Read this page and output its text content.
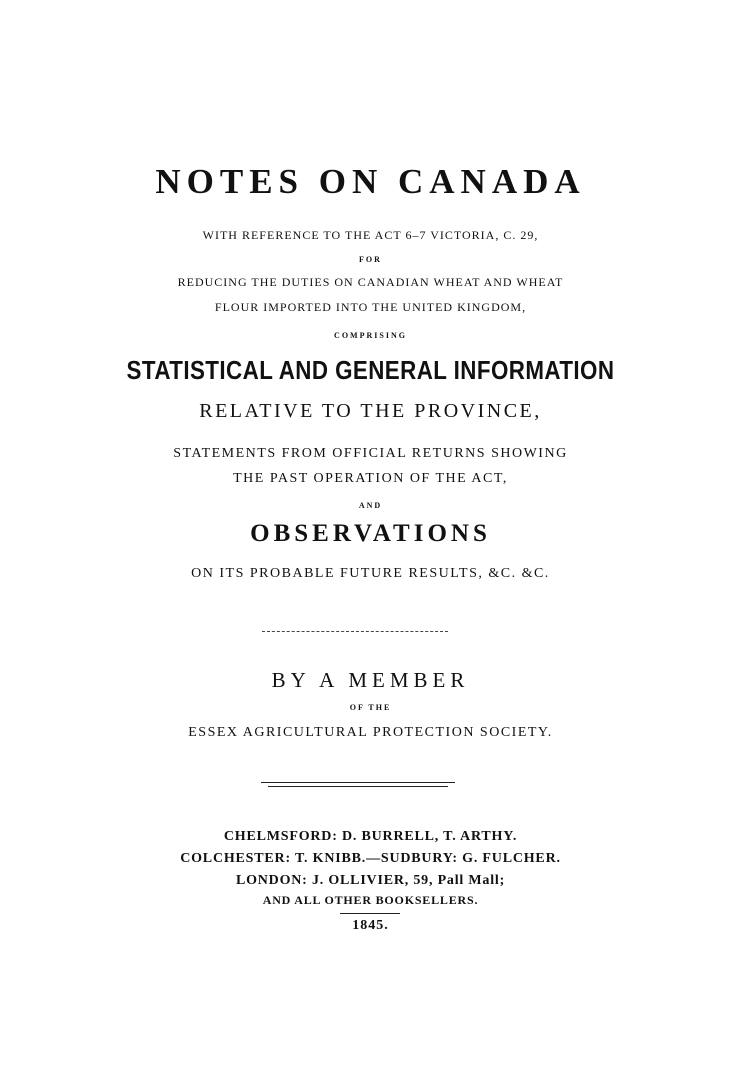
NOTES ON CANADA
WITH REFERENCE TO THE ACT 6–7 VICTORIA, C. 29,
FOR
REDUCING THE DUTIES ON CANADIAN WHEAT AND WHEAT
FLOUR IMPORTED INTO THE UNITED KINGDOM,
COMPRISING
STATISTICAL AND GENERAL INFORMATION
RELATIVE TO THE PROVINCE,
STATEMENTS FROM OFFICIAL RETURNS SHOWING
THE PAST OPERATION OF THE ACT,
AND
OBSERVATIONS
ON ITS PROBABLE FUTURE RESULTS, &C. &C.
BY A MEMBER
OF THE
ESSEX AGRICULTURAL PROTECTION SOCIETY.
CHELMSFORD: D. BURRELL, T. ARTHY.
COLCHESTER: T. KNIBB.—SUDBURY: G. FULCHER.
LONDON: J. OLLIVIER, 59, Pall Mall;
AND ALL OTHER BOOKSELLERS.
1845.
